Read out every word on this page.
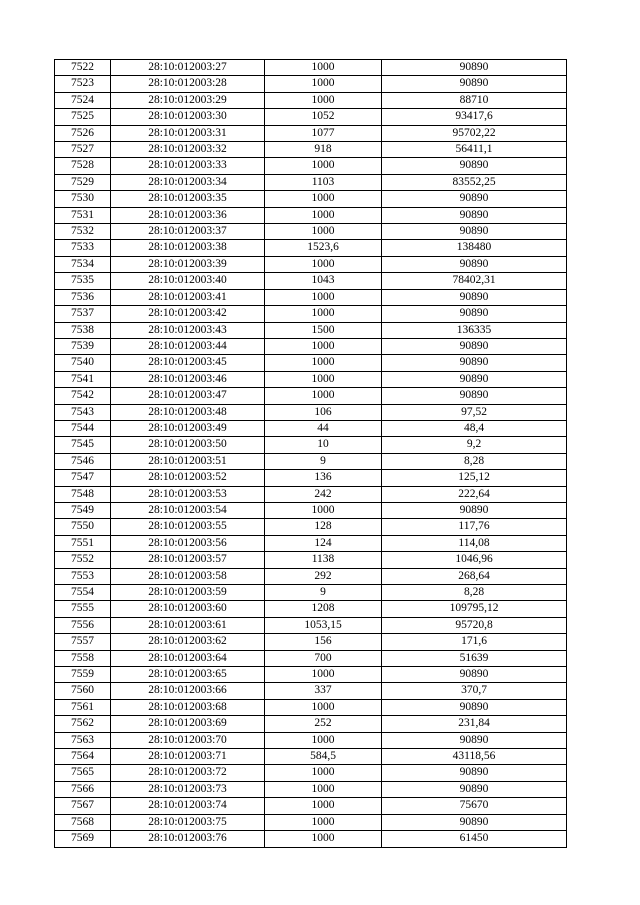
7522	28:10:012003:27	1000	90890
7523	28:10:012003:28	1000	90890
7524	28:10:012003:29	1000	88710
7525	28:10:012003:30	1052	93417,6
7526	28:10:012003:31	1077	95702,22
7527	28:10:012003:32	918	56411,1
7528	28:10:012003:33	1000	90890
7529	28:10:012003:34	1103	83552,25
7530	28:10:012003:35	1000	90890
7531	28:10:012003:36	1000	90890
7532	28:10:012003:37	1000	90890
7533	28:10:012003:38	1523,6	138480
7534	28:10:012003:39	1000	90890
7535	28:10:012003:40	1043	78402,31
7536	28:10:012003:41	1000	90890
7537	28:10:012003:42	1000	90890
7538	28:10:012003:43	1500	136335
7539	28:10:012003:44	1000	90890
7540	28:10:012003:45	1000	90890
7541	28:10:012003:46	1000	90890
7542	28:10:012003:47	1000	90890
7543	28:10:012003:48	106	97,52
7544	28:10:012003:49	44	48,4
7545	28:10:012003:50	10	9,2
7546	28:10:012003:51	9	8,28
7547	28:10:012003:52	136	125,12
7548	28:10:012003:53	242	222,64
7549	28:10:012003:54	1000	90890
7550	28:10:012003:55	128	117,76
7551	28:10:012003:56	124	114,08
7552	28:10:012003:57	1138	1046,96
7553	28:10:012003:58	292	268,64
7554	28:10:012003:59	9	8,28
7555	28:10:012003:60	1208	109795,12
7556	28:10:012003:61	1053,15	95720,8
7557	28:10:012003:62	156	171,6
7558	28:10:012003:64	700	51639
7559	28:10:012003:65	1000	90890
7560	28:10:012003:66	337	370,7
7561	28:10:012003:68	1000	90890
7562	28:10:012003:69	252	231,84
7563	28:10:012003:70	1000	90890
7564	28:10:012003:71	584,5	43118,56
7565	28:10:012003:72	1000	90890
7566	28:10:012003:73	1000	90890
7567	28:10:012003:74	1000	75670
7568	28:10:012003:75	1000	90890
7569	28:10:012003:76	1000	61450
